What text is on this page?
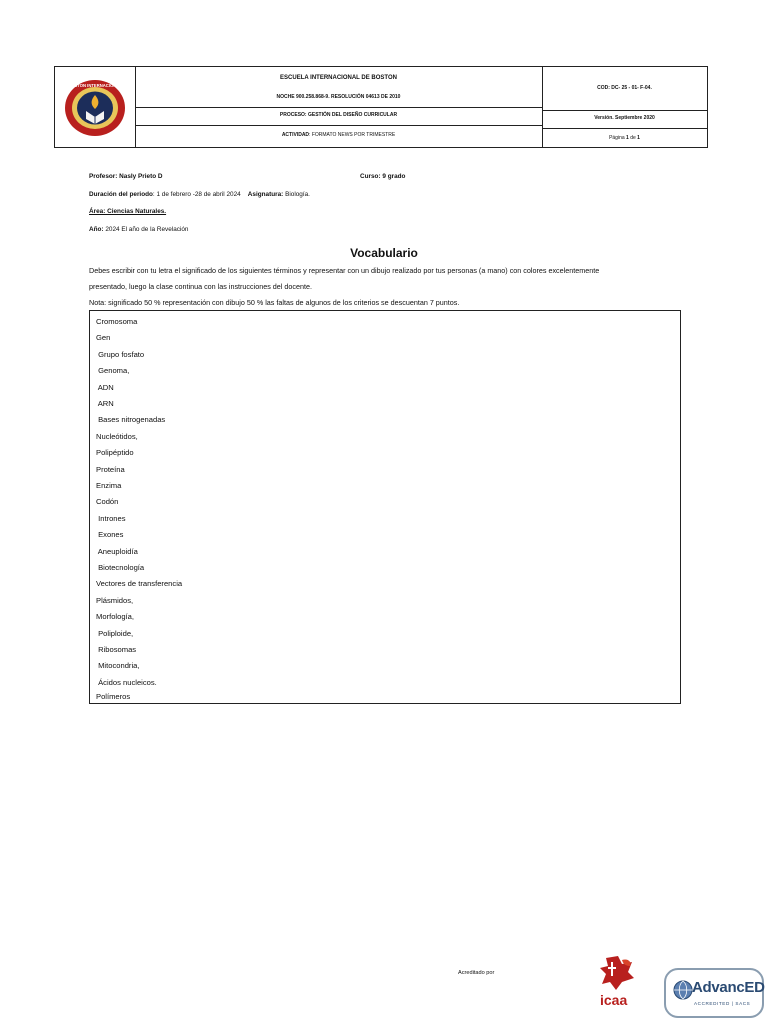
BOSTON INTERNACIONAL
ESCUELA INTERNACIONAL DE BOSTON
NOCHE 900.258.868-9. RESOLUCIÓN 04613 DE 2010
PROCESO: GESTIÓN DEL DISEÑO CURRICULAR
ACTIVIDAD: FORMATO NEWS POR TRIMESTRE
COD: DC- 25 - 01- F-04.
Versión. Septiembre 2020
Página 1 de 1
Profesor: Nasly Prieto D	Curso: 9 grado
Duración del periodo: 1 de febrero -28 de abril 2024 Asignatura: Biología.
Área: Ciencias Naturales.
Año: 2024 El año de la Revelación
Vocabulario
Debes escribir con tu letra el significado de los siguientes términos y representar con un dibujo realizado por tus personas (a mano) con colores excelentemente
presentado, luego la clase continua con las instrucciones del docente.
Nota: significado 50 % representación con dibujo 50 % las faltas de algunos de los criterios se descuentan 7 puntos.
Cromosoma
Gen
Grupo fosfato
Genoma,
ADN
ARN
Bases nitrogenadas
Nucleótidos,
Polipéptido
Proteína
Enzima
Codón
Intrones
Exones
Aneuploidía
Biotecnología
Vectores de transferencia
Plásmidos,
Morfología,
Poliploide,
Ribosomas
Mitocondria,
Ácidos nucleicos.
Polímeros
Acreditado por
icaa
AdvancED
ACCREDITED | SACS
